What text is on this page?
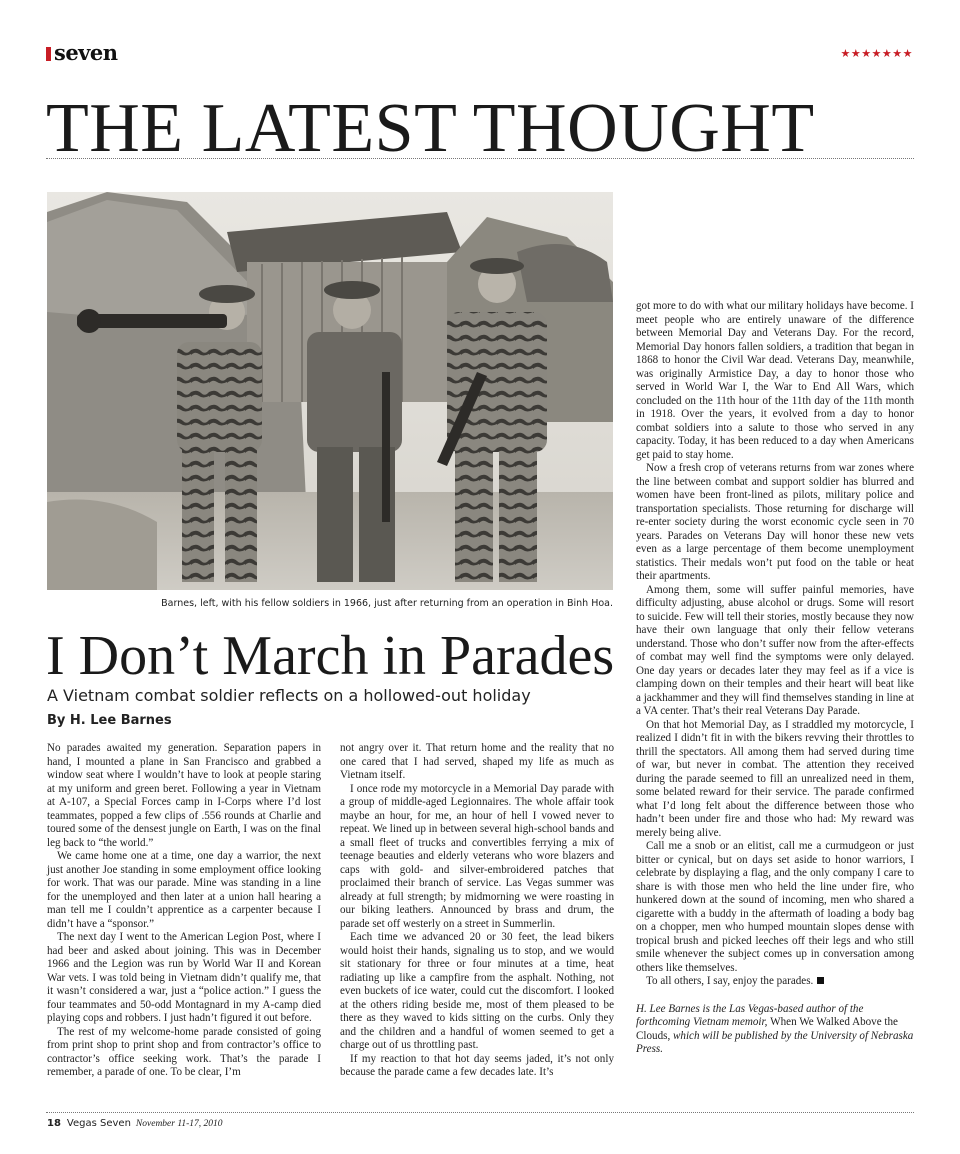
seven	★★★★★★★
THE LATEST THOUGHT
Barnes, left, with his fellow soldiers in 1966, just after returning from an operation in Binh Hoa.
I Don’t March in Parades
A Vietnam combat soldier reflects on a hollowed-out holiday
By H. Lee Barnes

No parades awaited my generation. Separation papers in hand, I mounted a plane in San Francisco and grabbed a window seat where I wouldn’t have to look at people staring at my uniform and green beret. Following a year in Vietnam at A-107, a Special Forces camp in I-Corps where I’d lost teammates, popped a few clips of .556 rounds at Charlie and toured some of the densest jungle on Earth, I was on the final leg back to “the world.”

We came home one at a time, one day a warrior, the next just another Joe standing in some employment office looking for work. That was our parade. Mine was standing in a line for the unemployed and then later at a union hall hearing a man tell me I couldn’t apprentice as a carpenter because I didn’t have a “sponsor.”

The next day I went to the American Legion Post, where I had beer and asked about joining. This was in December 1966 and the Legion was run by World War II and Korean War vets. I was told being in Vietnam didn’t qualify me, that it wasn’t considered a war, just a “police action.” I guess the four teammates and 50-odd Montagnard in my A-camp died playing cops and robbers. I just hadn’t figured it out before.

The rest of my welcome-home parade consisted of going from print shop to print shop and from contractor’s office to contractor’s office seeking work. That’s the parade I remember, a parade of one. To be clear, I’m

not angry over it. That return home and the reality that no one cared that I had served, shaped my life as much as Vietnam itself.

I once rode my motorcycle in a Memorial Day parade with a group of middle-aged Legionnaires. The whole affair took maybe an hour, for me, an hour of hell I vowed never to repeat. We lined up in between several high-school bands and a small fleet of trucks and convertibles ferrying a mix of teenage beauties and elderly veterans who wore blazers and caps with gold- and silver-embroidered patches that proclaimed their branch of service. Las Vegas summer was already at full strength; by midmorning we were roasting in our biking leathers. Announced by brass and drum, the parade set off westerly on a street in Summerlin.

Each time we advanced 20 or 30 feet, the lead bikers would hoist their hands, signaling us to stop, and we would sit stationary for three or four minutes at a time, heat radiating up like a campfire from the asphalt. Nothing, not even buckets of ice water, could cut the discomfort. I looked at the others riding beside me, most of them pleased to be there as they waved to kids sitting on the curbs. Only they and the children and a handful of women seemed to get a charge out of us throttling past.

If my reaction to that hot day seems jaded, it’s not only because the parade came a few decades late. It’s

got more to do with what our military holidays have become. I meet people who are entirely unaware of the difference between Memorial Day and Veterans Day. For the record, Memorial Day honors fallen soldiers, a tradition that began in 1868 to honor the Civil War dead. Veterans Day, meanwhile, was originally Armistice Day, a day to honor those who served in World War I, the War to End All Wars, which concluded on the 11th hour of the 11th day of the 11th month in 1918. Over the years, it evolved from a day to honor combat soldiers into a salute to those who served in any capacity. Today, it has been reduced to a day when Americans get paid to stay home.

Now a fresh crop of veterans returns from war zones where the line between combat and support soldier has blurred and women have been front-lined as pilots, military police and transportation specialists. Those returning for discharge will re-enter society during the worst economic cycle seen in 70 years. Parades on Veterans Day will honor these new vets even as a large percentage of them become unemployment statistics. Their medals won’t put food on the table or heat their apartments.

Among them, some will suffer painful memories, have difficulty adjusting, abuse alcohol or drugs. Some will resort to suicide. Few will tell their stories, mostly because they now have their own language that only their fellow veterans understand. Those who don’t suffer now from the after-effects of combat may well find the symptoms were only delayed. One day years or decades later they may feel as if a vice is clamping down on their temples and their heart will beat like a jackhammer and they will find themselves standing in line at a VA center. That’s their real Veterans Day Parade.

On that hot Memorial Day, as I straddled my motorcycle, I realized I didn’t fit in with the bikers revving their throttles to thrill the spectators. All among them had served during time of war, but never in combat. The attention they received during the parade seemed to fill an unrealized need in them, some belated reward for their service. The parade confirmed what I’d long felt about the difference between those who hadn’t been under fire and those who had: My reward was merely being alive.

Call me a snob or an elitist, call me a curmudgeon or just bitter or cynical, but on days set aside to honor warriors, I celebrate by displaying a flag, and the only company I care to share is with those men who held the line under fire, who hunkered down at the sound of incoming, men who shared a cigarette with a buddy in the aftermath of loading a body bag on a chopper, men who humped mountain slopes dense with tropical brush and picked leeches off their legs and who still smile whenever the subject comes up in conversation among others like themselves.

To all others, I say, enjoy the parades.

H. Lee Barnes is the Las Vegas-based author of the forthcoming Vietnam memoir, When We Walked Above the Clouds, which will be published by the University of Nebraska Press.
18 Vegas Seven November 11-17, 2010
